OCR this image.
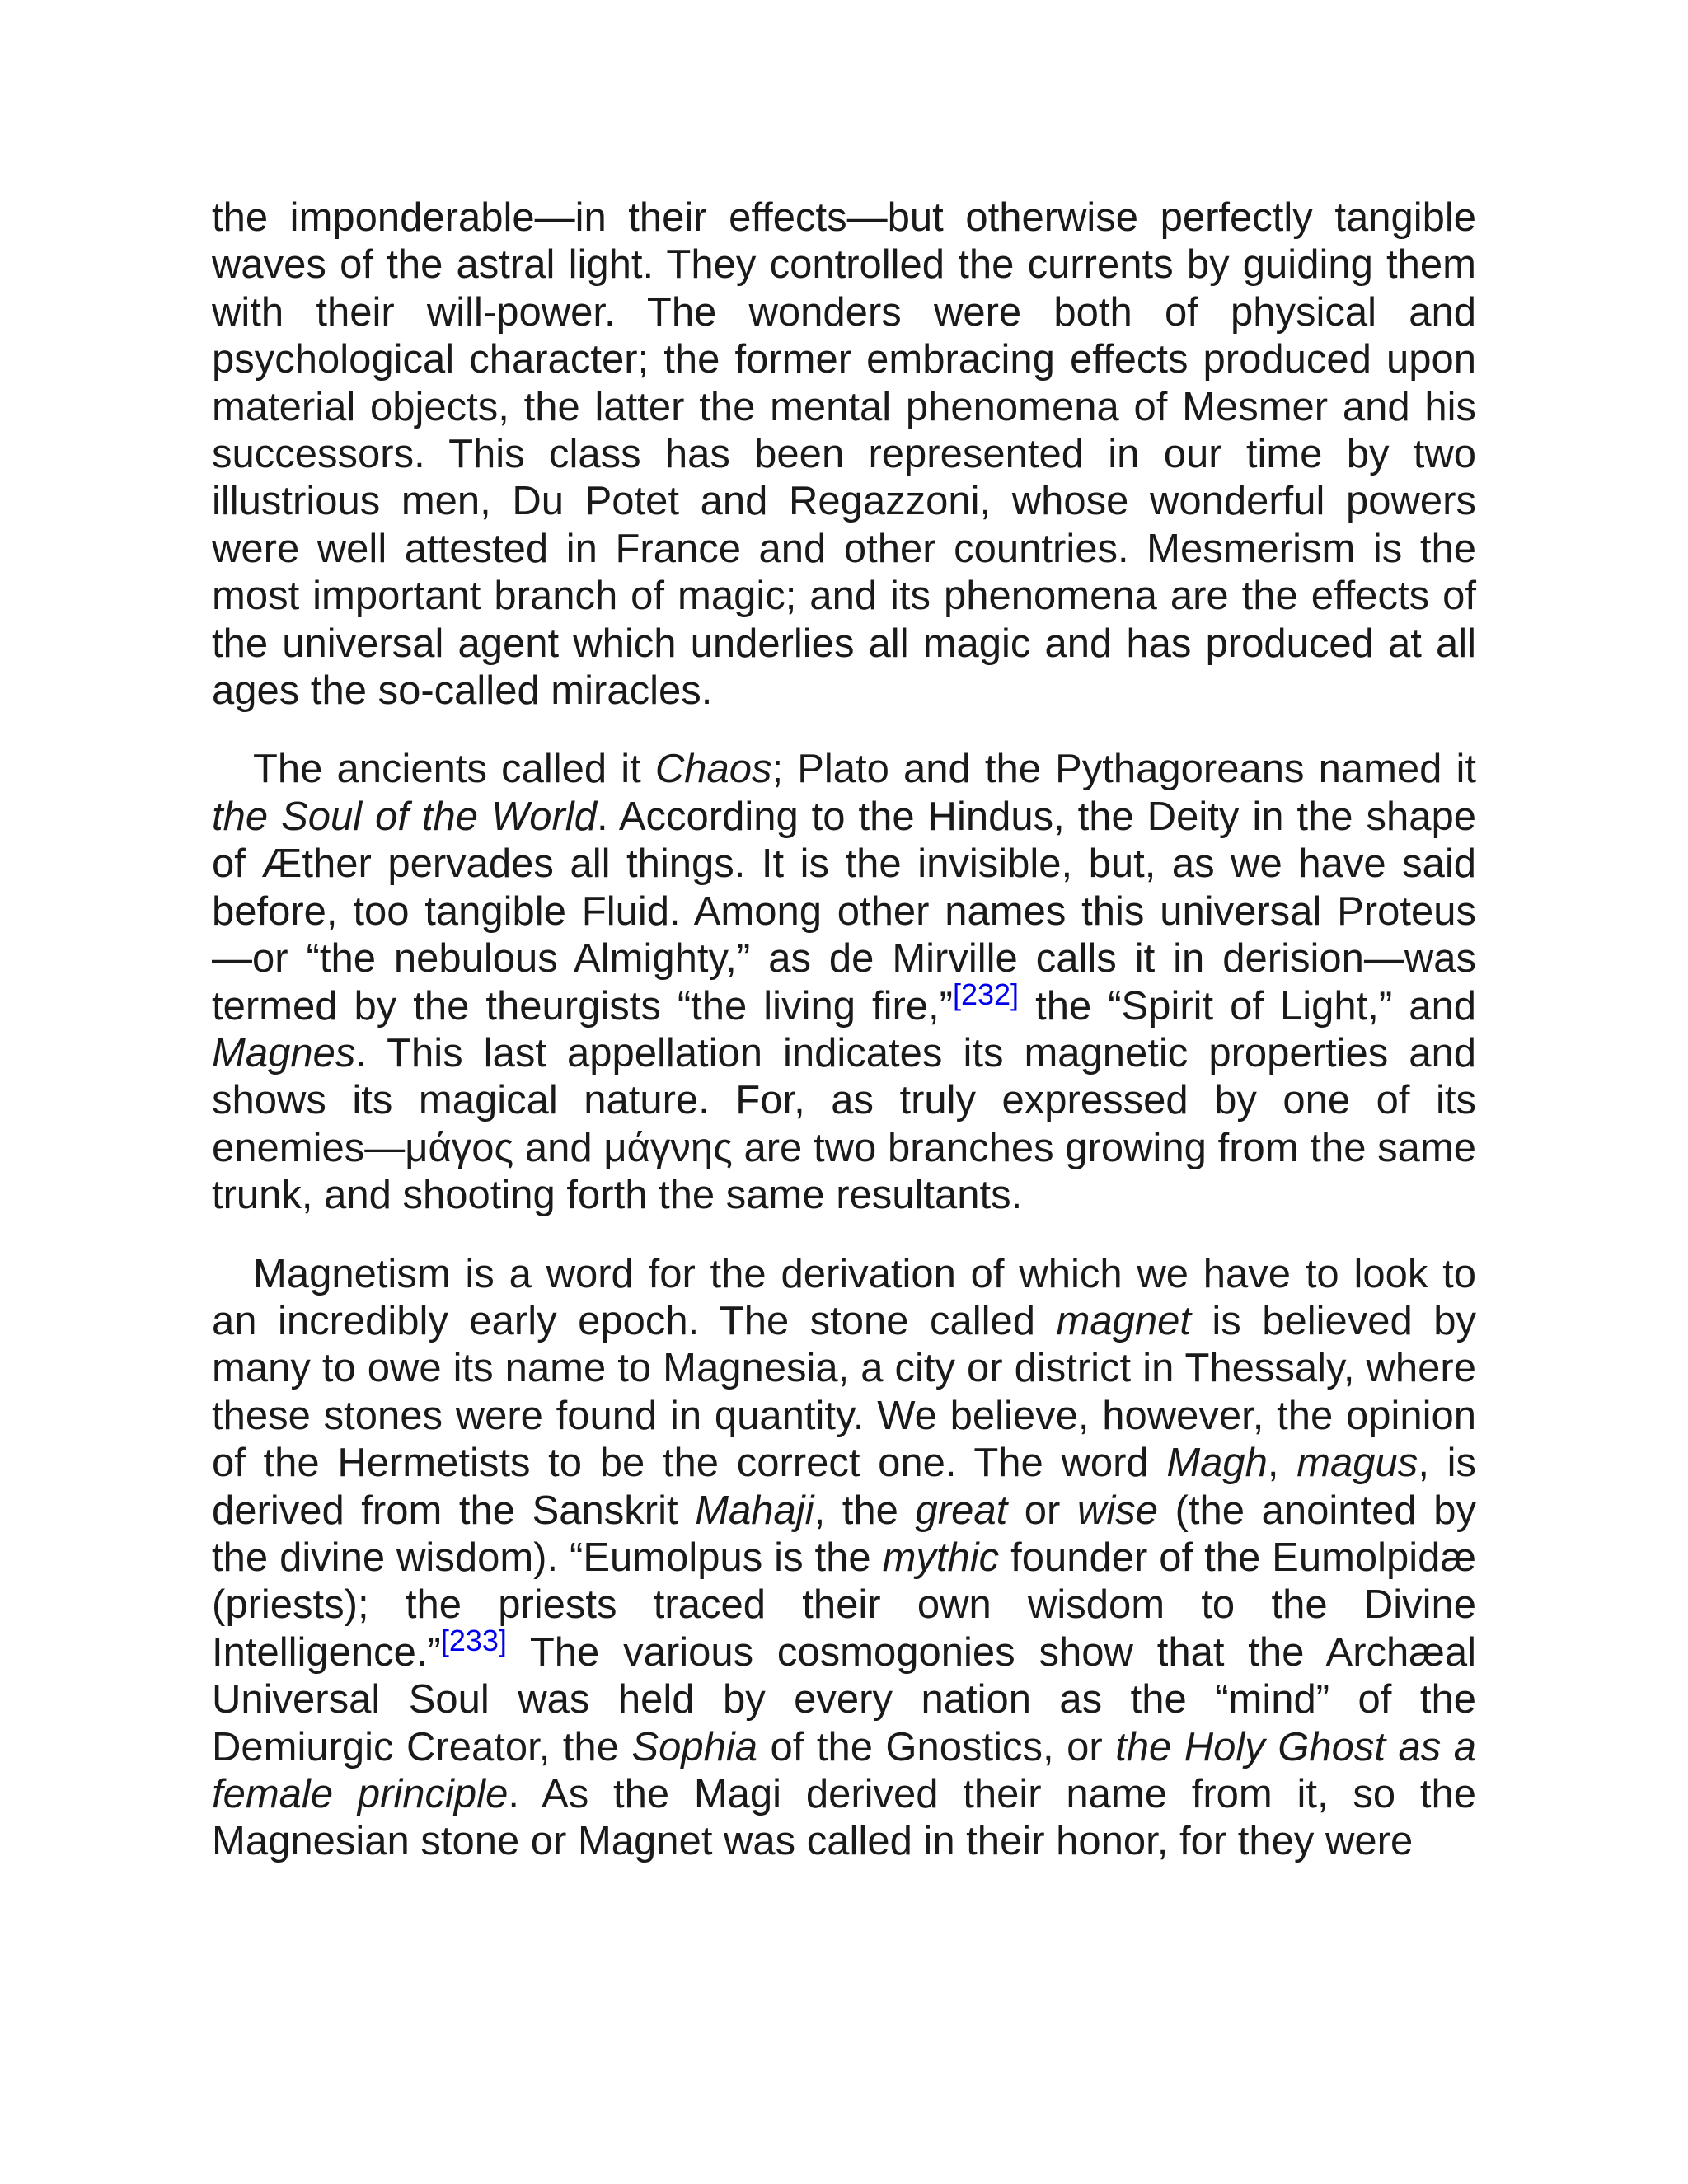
the imponderable—in their effects—but otherwise perfectly tangible waves of the astral light. They controlled the currents by guiding them with their will-power. The wonders were both of physical and psychological character; the former embracing effects produced upon material objects, the latter the mental phenomena of Mesmer and his successors. This class has been represented in our time by two illustrious men, Du Potet and Regazzoni, whose wonderful powers were well attested in France and other countries. Mesmerism is the most important branch of magic; and its phenomena are the effects of the universal agent which underlies all magic and has produced at all ages the so-called miracles.

The ancients called it Chaos; Plato and the Pythagoreans named it the Soul of the World. According to the Hindus, the Deity in the shape of Æther pervades all things. It is the invisible, but, as we have said before, too tangible Fluid. Among other names this universal Proteus—or “the nebulous Almighty,” as de Mirville calls it in derision—was termed by the theurgists “the living fire,”[232] the “Spirit of Light,” and Magnes. This last appellation indicates its magnetic properties and shows its magical nature. For, as truly expressed by one of its enemies—μάγος and μάγνης are two branches growing from the same trunk, and shooting forth the same resultants.

Magnetism is a word for the derivation of which we have to look to an incredibly early epoch. The stone called magnet is believed by many to owe its name to Magnesia, a city or district in Thessaly, where these stones were found in quantity. We believe, however, the opinion of the Hermetists to be the correct one. The word Magh, magus, is derived from the Sanskrit Mahaji, the great or wise (the anointed by the divine wisdom). “Eumolpus is the mythic founder of the Eumolpidæ (priests); the priests traced their own wisdom to the Divine Intelligence.”[233] The various cosmogonies show that the Archæal Universal Soul was held by every nation as the “mind” of the Demiurgic Creator, the Sophia of the Gnostics, or the Holy Ghost as a female principle. As the Magi derived their name from it, so the Magnesian stone or Magnet was called in their honor, for they were
